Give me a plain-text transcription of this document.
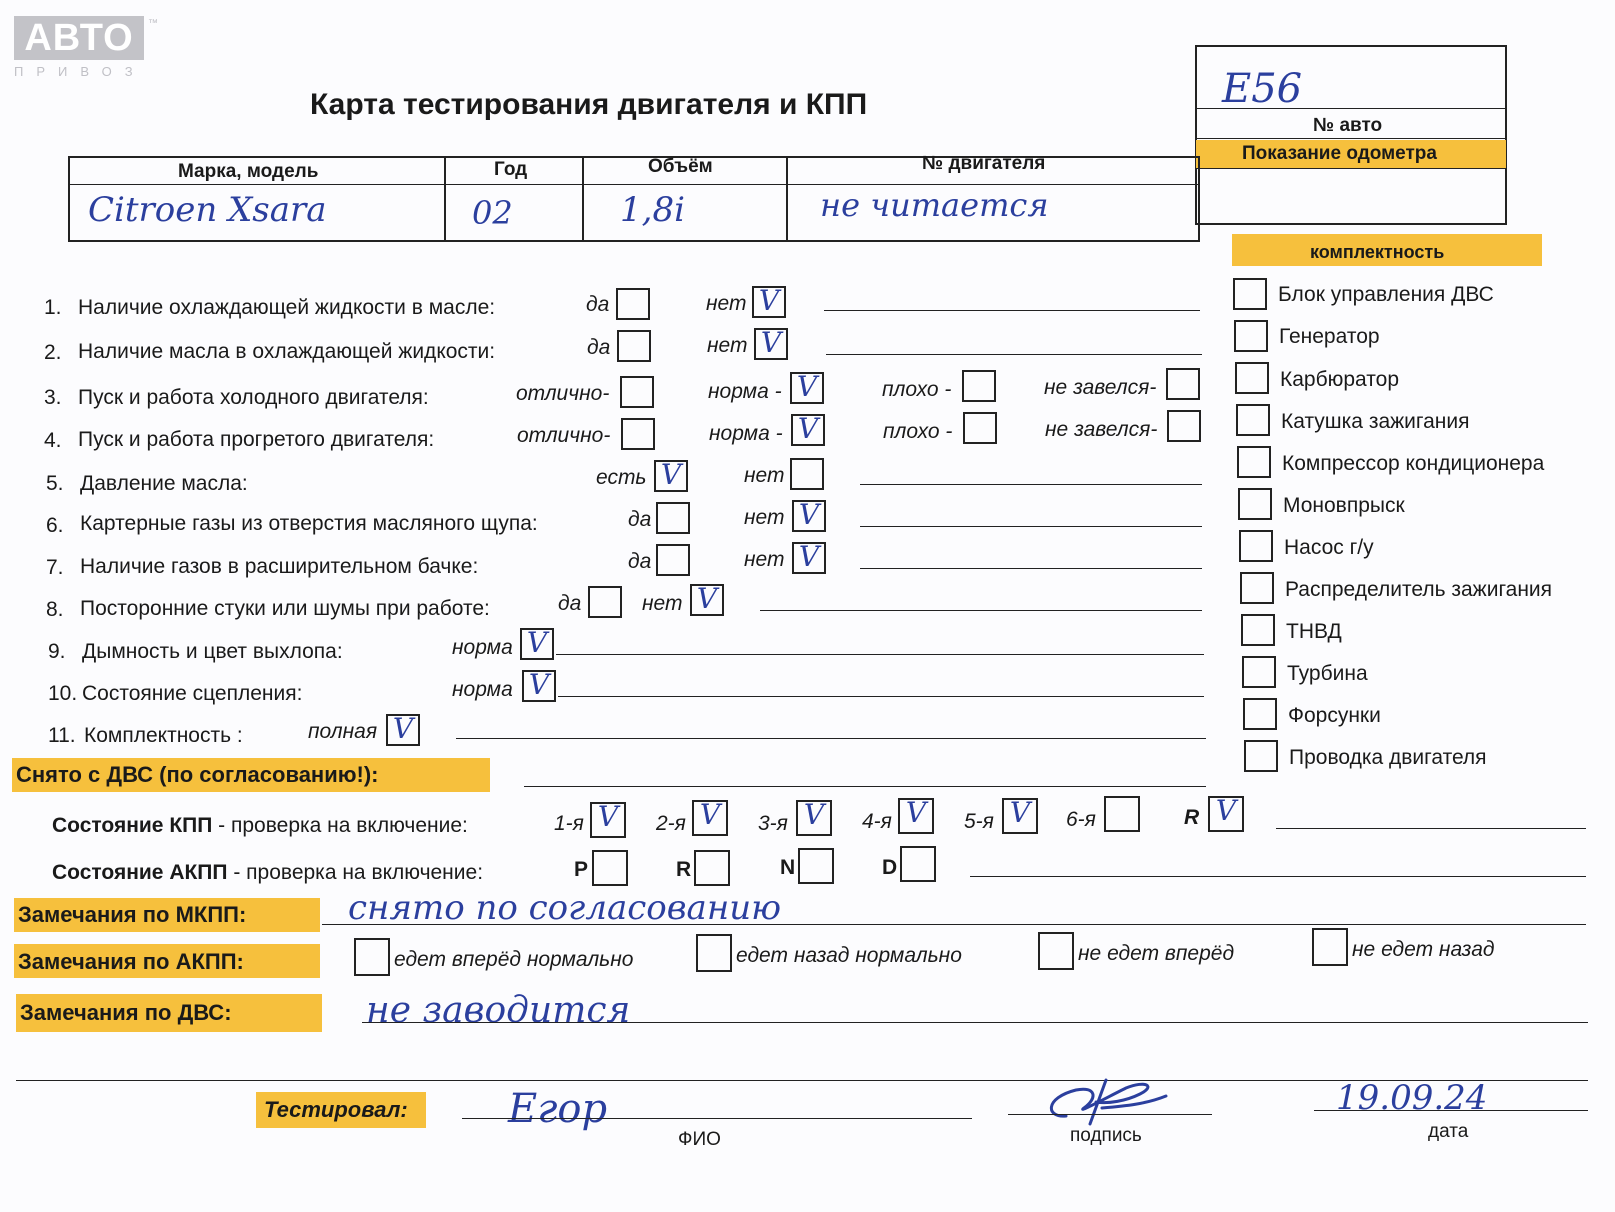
АВТО	™
ПРИВОЗ
Карта тестирования двигателя и КПП	Е56
№ авто
Показание одометра
Марка, модель	Год	Объём	№ двигателя
Citroen Xsara	02	1,8i	не читается
комплектность
Блок управления ДВС
Генератор
Карбюратор
Катушка зажигания
Компрессор кондиционера
Моновпрыск
Насос г/у
Распределитель зажигания
ТНВД
Турбина
Форсунки
Проводка двигателя
1. Наличие охлаждающей жидкости в масле:	да	нет V
2. Наличие масла в охлаждающей жидкости:	да	нет V
3. Пуск и работа холодного двигателя:	отлично-	норма - V	плохо -	не завелся-
4. Пуск и работа прогретого двигателя:	отлично-	норма - V	плохо -	не завелся-
5. Давление масла:	есть V	нет
6. Картерные газы из отверстия масляного щупа:	да	нет V
7. Наличие газов в расширительном бачке:	да	нет V
8. Посторонние стуки или шумы при работе:	да	нет V
9. Дымность и цвет выхлопа:	норма V
10. Состояние сцепления:	норма V
11. Комплектность :	полная V
Снято с ДВС (по согласованию!):
Состояние КПП - проверка на включение:	1-я V 2-я V 3-я V 4-я V 5-я V 6-я	R V
Состояние АКПП - проверка на включение:	P	R	N	D
Замечания по МКПП:	снято по согласованию
Замечания по АКПП:	едет вперёд нормально	едет назад нормально	не едет вперёд	не едет назад
Замечания по ДВС:	не заводится
Тестировал:	Егор
ФИО	подпись
19.09.24
дата
